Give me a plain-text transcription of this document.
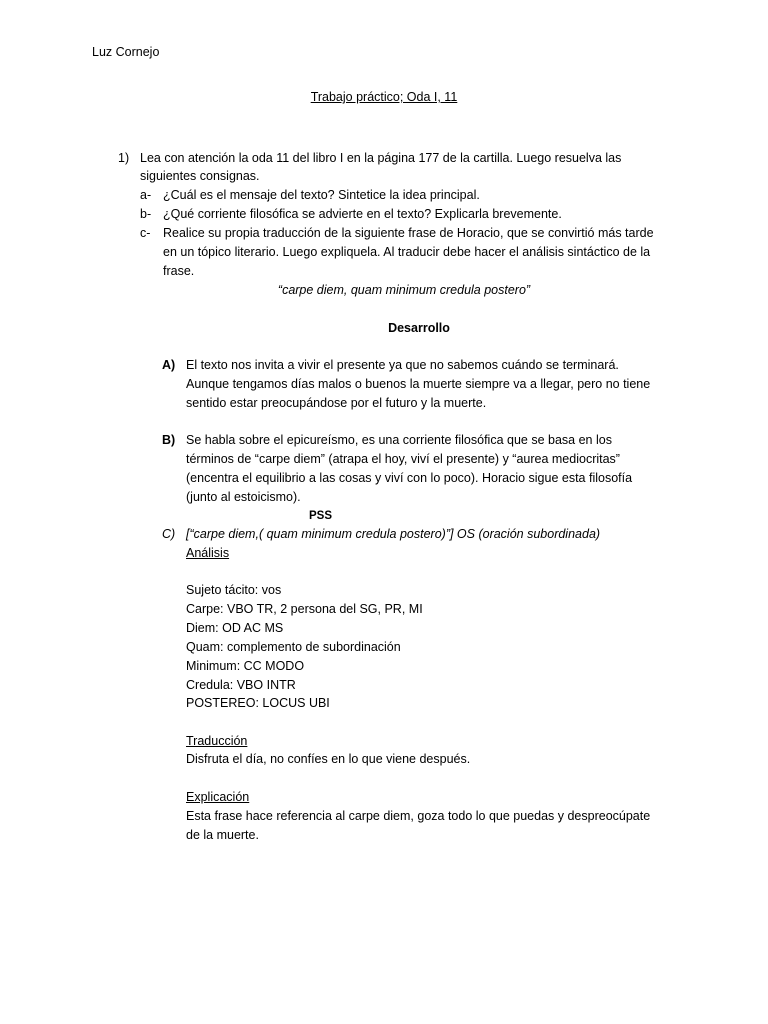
Luz Cornejo
Trabajo práctico; Oda I, 11
1) Lea con atención la oda 11 del libro I en la página 177 de la cartilla. Luego resuelva las
siguientes consignas.
a- ¿Cuál es el mensaje del texto? Sintetice la idea principal.
b- ¿Qué corriente filosófica se advierte en el texto? Explicarla brevemente.
c- Realice su propia traducción de la siguiente frase de Horacio, que se convirtió más tarde
en un tópico literario. Luego expliquela. Al traducir debe hacer el análisis sintáctico de la
frase.
“carpe diem, quam minimum credula postero”
Desarrollo
A) El texto nos invita a vivir el presente ya que no sabemos cuándo se terminará.
Aunque tengamos días malos o buenos la muerte siempre va a llegar, pero no tiene
sentido estar preocupándose por el futuro y la muerte.
B) Se habla sobre el epicureísmo, es una corriente filosófica que se basa en los
términos de “carpe diem” (atrapa el hoy, viví el presente) y “aurea mediocritas”
(encentra el equilibrio a las cosas y viví con lo poco). Horacio sigue esta filosofía
(junto al estoicismo).
PSS
C) [“carpe diem,( quam minimum credula postero)”] OS (oración subordinada)
Análisis
Sujeto tácito: vos
Carpe: VBO TR, 2 persona del SG, PR, MI
Diem: OD AC MS
Quam: complemento de subordinación
Minimum: CC MODO
Credula: VBO INTR
POSTEREO: LOCUS UBI
Traducción
Disfruta el día, no confíes en lo que viene después.
Explicación
Esta frase hace referencia al carpe diem, goza todo lo que puedas y despreocúpate
de la muerte.
